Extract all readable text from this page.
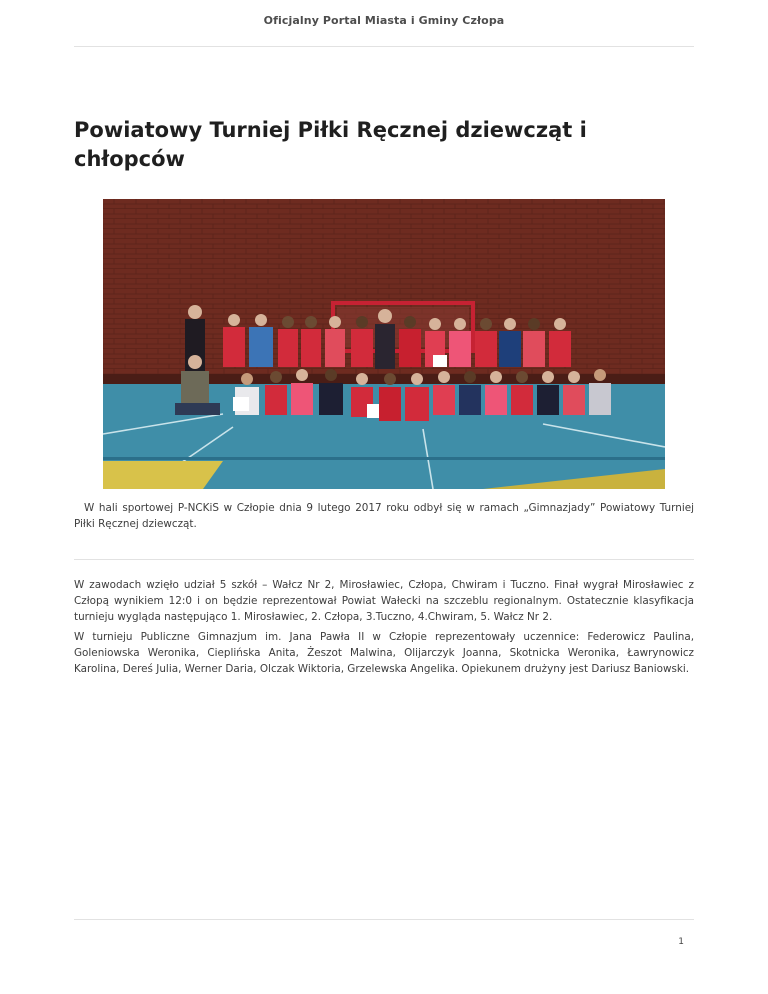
Oficjalny Portal Miasta i Gminy Człopa
Powiatowy Turniej Piłki Ręcznej dziewcząt i chłopców

W hali sportowej P-NCKiS w Człopie dnia 9 lutego 2017 roku odbył się w ramach „Gimnazjady” Powiatowy Turniej Piłki Ręcznej dziewcząt.

W zawodach wzięło udział 5 szkół – Wałcz Nr 2, Mirosławiec, Człopa, Chwiram i Tuczno. Finał wygrał Mirosławiec z Człopą wynikiem 12:0 i on będzie reprezentował Powiat Wałecki na szczeblu regionalnym. Ostatecznie klasyfikacja turnieju wygląda następująco 1. Mirosławiec, 2. Człopa, 3.Tuczno, 4.Chwiram, 5. Wałcz Nr 2.

W turnieju Publiczne Gimnazjum im. Jana Pawła II w Człopie reprezentowały uczennice: Federowicz Paulina, Goleniowska Weronika, Cieplińska Anita, Żeszot Malwina, Olijarczyk Joanna, Skotnicka Weronika, Ławrynowicz Karolina, Dereś Julia, Werner Daria, Olczak Wiktoria, Grzelewska Angelika. Opiekunem drużyny jest Dariusz Baniowski.

1
